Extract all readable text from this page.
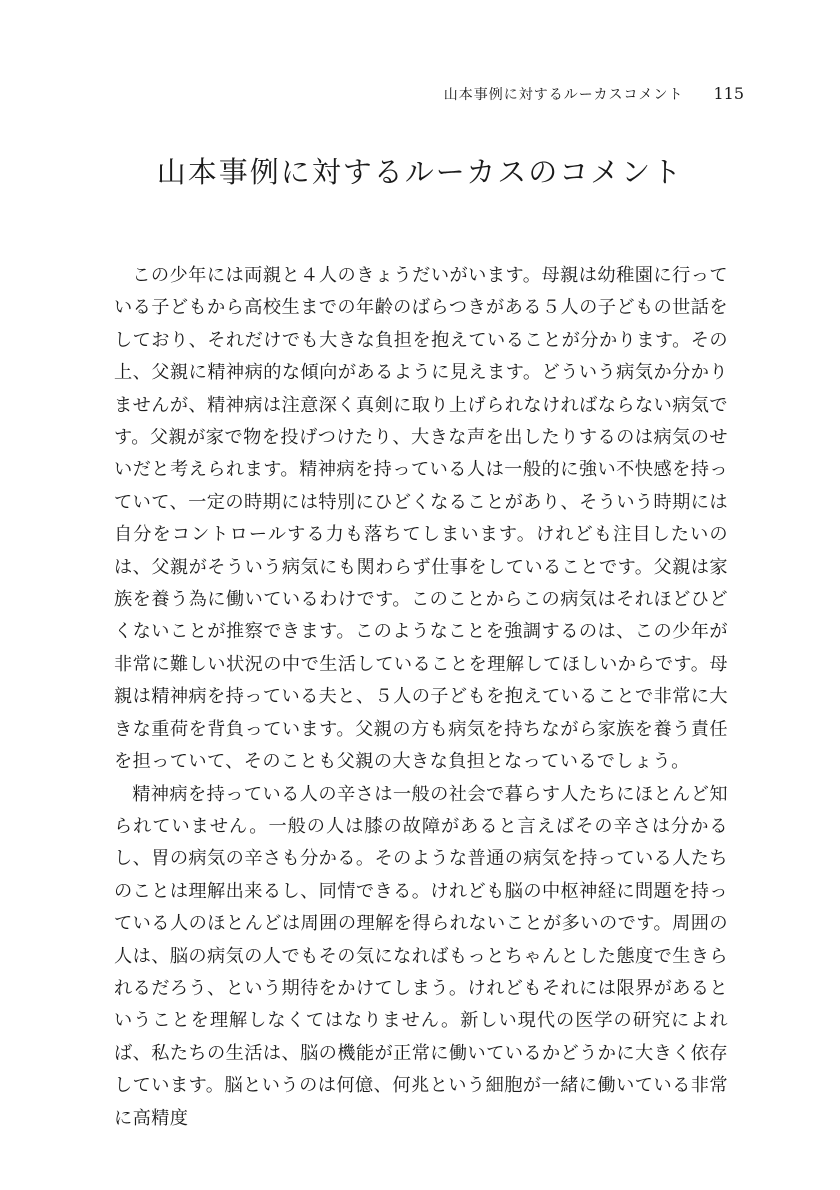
山本事例に対するルーカスコメント 115
山本事例に対するルーカスのコメント

この少年には両親と４人のきょうだいがいます。母親は幼稚園に行っている子どもから高校生までの年齢のばらつきがある５人の子どもの世話をしており、それだけでも大きな負担を抱えていることが分かります。その上、父親に精神病的な傾向があるように見えます。どういう病気か分かりませんが、精神病は注意深く真剣に取り上げられなければならない病気です。父親が家で物を投げつけたり、大きな声を出したりするのは病気のせいだと考えられます。精神病を持っている人は一般的に強い不快感を持っていて、一定の時期には特別にひどくなることがあり、そういう時期には自分をコントロールする力も落ちてしまいます。けれども注目したいのは、父親がそういう病気にも関わらず仕事をしていることです。父親は家族を養う為に働いているわけです。このことからこの病気はそれほどひどくないことが推察できます。このようなことを強調するのは、この少年が非常に難しい状況の中で生活していることを理解してほしいからです。母親は精神病を持っている夫と、５人の子どもを抱えていることで非常に大きな重荷を背負っています。父親の方も病気を持ちながら家族を養う責任を担っていて、そのことも父親の大きな負担となっているでしょう。

精神病を持っている人の辛さは一般の社会で暮らす人たちにほとんど知られていません。一般の人は膝の故障があると言えばその辛さは分かるし、胃の病気の辛さも分かる。そのような普通の病気を持っている人たちのことは理解出来るし、同情できる。けれども脳の中枢神経に問題を持っている人のほとんどは周囲の理解を得られないことが多いのです。周囲の人は、脳の病気の人でもその気になればもっとちゃんとした態度で生きられるだろう、という期待をかけてしまう。けれどもそれには限界があるということを理解しなくてはなりません。新しい現代の医学の研究によれば、私たちの生活は、脳の機能が正常に働いているかどうかに大きく依存しています。脳というのは何億、何兆という細胞が一緒に働いている非常に高精度
